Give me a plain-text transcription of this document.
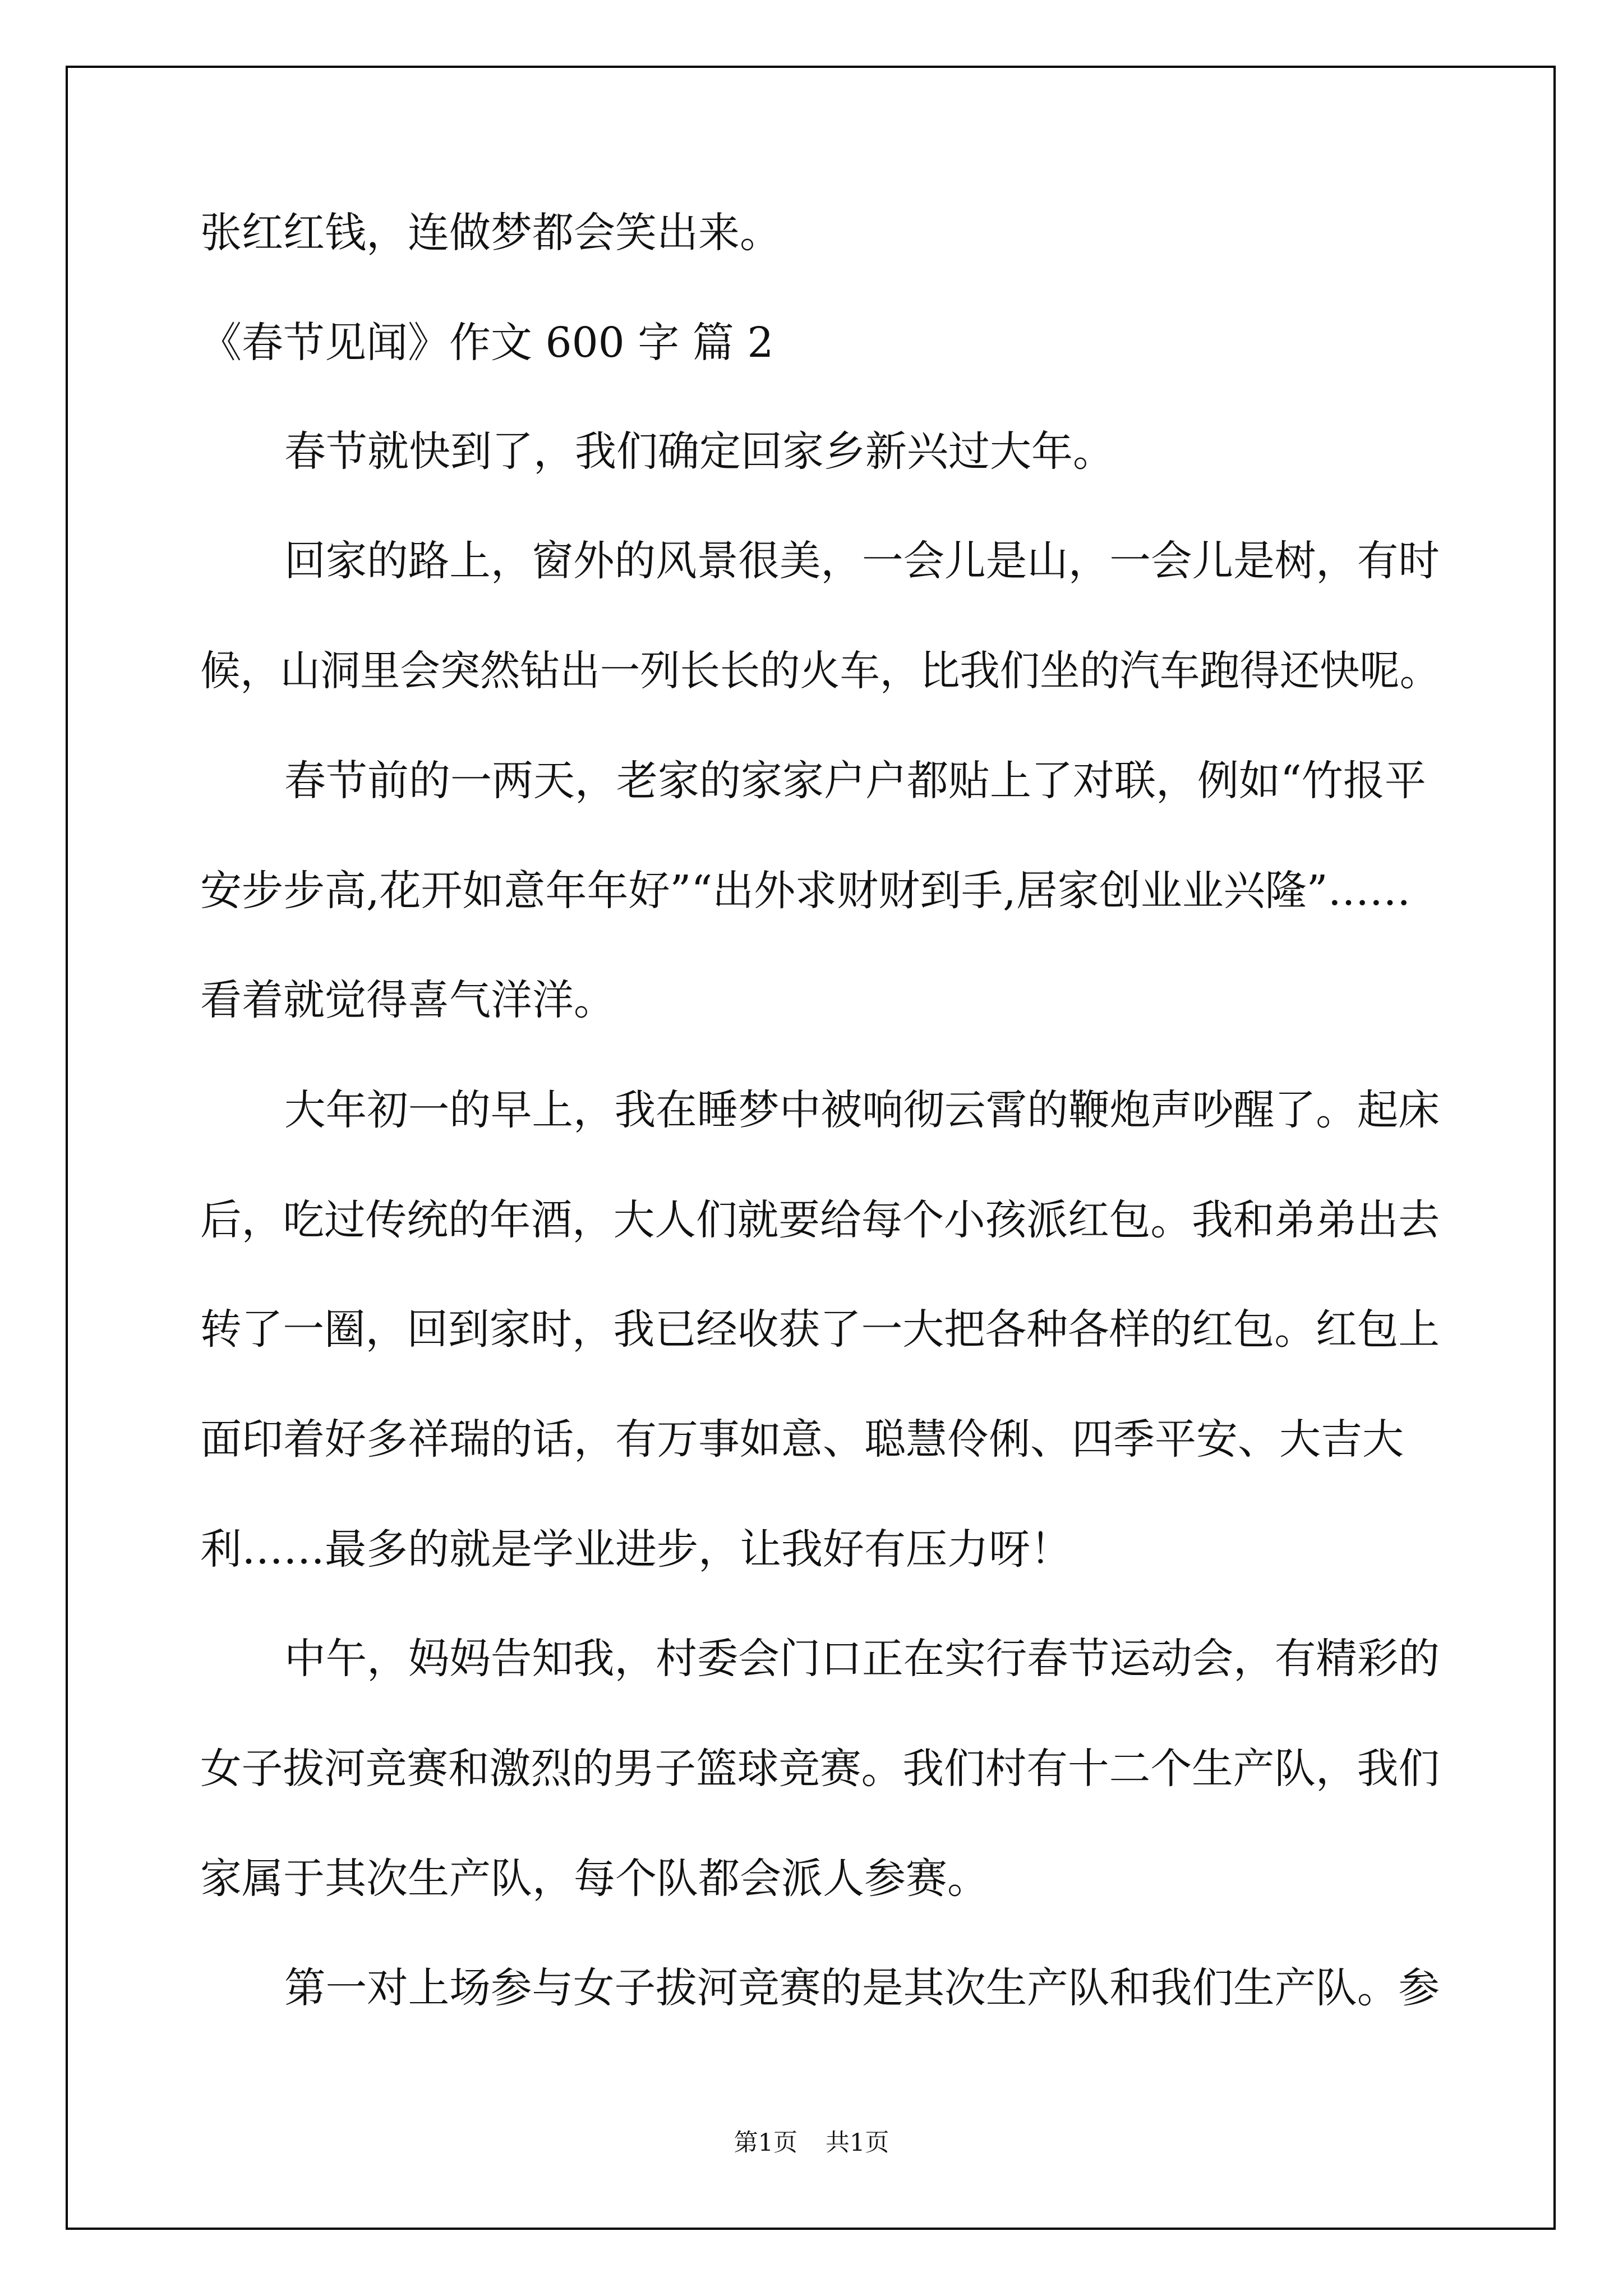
张红红钱，连做梦都会笑出来。
《春节见闻》作文 600 字 篇 2
春节就快到了，我们确定回家乡新兴过大年。
回家的路上，窗外的风景很美，一会儿是山，一会儿是树，有时
候，山洞里会突然钻出一列长长的火车，比我们坐的汽车跑得还快呢。
春节前的一两天，老家的家家户户都贴上了对联，例如“竹报平
安步步高,花开如意年年好”“出外求财财到手,居家创业业兴隆”……
看着就觉得喜气洋洋。
大年初一的早上，我在睡梦中被响彻云霄的鞭炮声吵醒了。起床
后，吃过传统的年酒，大人们就要给每个小孩派红包。我和弟弟出去
转了一圈，回到家时，我已经收获了一大把各种各样的红包。红包上
面印着好多祥瑞的话，有万事如意、聪慧伶俐、四季平安、大吉大
利……最多的就是学业进步，让我好有压力呀！
中午，妈妈告知我，村委会门口正在实行春节运动会，有精彩的
女子拔河竞赛和激烈的男子篮球竞赛。我们村有十二个生产队，我们
家属于其次生产队，每个队都会派人参赛。
第一对上场参与女子拔河竞赛的是其次生产队和我们生产队。参
第1页 共1页
